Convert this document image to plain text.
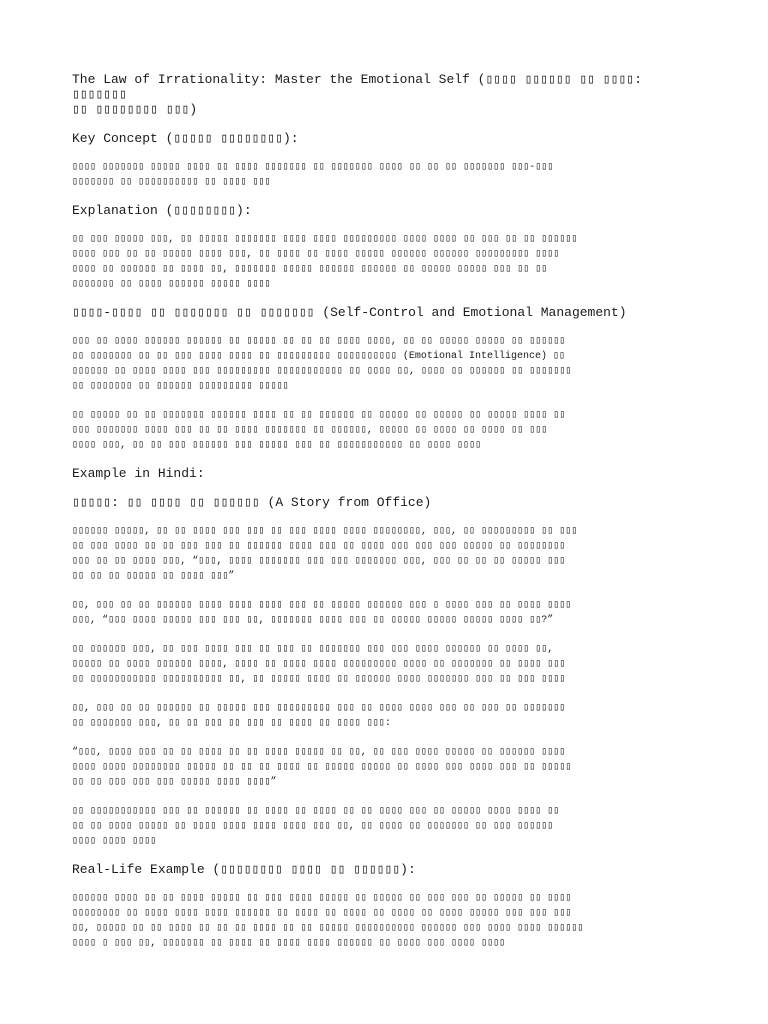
The Law of Irrationality: Master the Emotional Self (▯▯▯▯ ▯▯▯▯▯▯ ▯▯ ▯▯▯▯: ▯▯▯▯▯▯▯
▯▯ ▯▯▯▯▯▯▯▯ ▯▯▯)

Key Concept (▯▯▯▯▯ ▯▯▯▯▯▯▯▯):

▯▯▯▯ ▯▯▯▯▯▯▯ ▯▯▯▯▯ ▯▯▯▯ ▯▯ ▯▯▯▯ ▯▯▯▯▯▯▯ ▯▯ ▯▯▯▯▯▯▯ ▯▯▯▯ ▯▯ ▯▯ ▯▯ ▯▯▯▯▯▯▯ ▯▯▯-▯▯▯
▯▯▯▯▯▯▯ ▯▯ ▯▯▯▯▯▯▯▯▯▯ ▯▯ ▯▯▯▯ ▯▯▯

Explanation (▯▯▯▯▯▯▯▯):

▯▯ ▯▯▯ ▯▯▯▯▯ ▯▯▯, ▯▯ ▯▯▯▯▯ ▯▯▯▯▯▯▯ ▯▯▯▯ ▯▯▯▯ ▯▯▯▯▯▯▯▯▯ ▯▯▯▯ ▯▯▯▯ ▯▯ ▯▯▯ ▯▯ ▯▯ ▯▯▯▯▯▯
▯▯▯▯ ▯▯▯ ▯▯ ▯▯ ▯▯▯▯▯ ▯▯▯▯ ▯▯▯, ▯▯ ▯▯▯▯ ▯▯ ▯▯▯▯ ▯▯▯▯▯ ▯▯▯▯▯▯ ▯▯▯▯▯▯ ▯▯▯▯▯▯▯▯▯ ▯▯▯▯
▯▯▯▯ ▯▯ ▯▯▯▯▯▯ ▯▯ ▯▯▯▯ ▯▯, ▯▯▯▯▯▯▯ ▯▯▯▯▯ ▯▯▯▯▯▯ ▯▯▯▯▯▯ ▯▯ ▯▯▯▯▯ ▯▯▯▯▯ ▯▯▯ ▯▯ ▯▯
▯▯▯▯▯▯▯ ▯▯ ▯▯▯▯ ▯▯▯▯▯▯ ▯▯▯▯▯ ▯▯▯▯

▯▯▯▯-▯▯▯▯ ▯▯ ▯▯▯▯▯▯▯ ▯▯ ▯▯▯▯▯▯▯ (Self-Control and Emotional Management)

▯▯▯ ▯▯ ▯▯▯▯ ▯▯▯▯▯▯ ▯▯▯▯▯▯ ▯▯ ▯▯▯▯▯ ▯▯ ▯▯ ▯▯ ▯▯▯▯ ▯▯▯▯, ▯▯ ▯▯ ▯▯▯▯▯ ▯▯▯▯▯ ▯▯ ▯▯▯▯▯▯
▯▯ ▯▯▯▯▯▯▯ ▯▯ ▯▯ ▯▯▯ ▯▯▯▯ ▯▯▯▯ ▯▯ ▯▯▯▯▯▯▯▯▯ ▯▯▯▯▯▯▯▯▯▯ (Emotional Intelligence) ▯▯
▯▯▯▯▯▯ ▯▯ ▯▯▯▯ ▯▯▯▯ ▯▯▯ ▯▯▯▯▯▯▯▯▯ ▯▯▯▯▯▯▯▯▯▯▯ ▯▯ ▯▯▯▯ ▯▯, ▯▯▯▯ ▯▯ ▯▯▯▯▯▯ ▯▯ ▯▯▯▯▯▯▯
▯▯ ▯▯▯▯▯▯▯ ▯▯ ▯▯▯▯▯▯ ▯▯▯▯▯▯▯▯▯ ▯▯▯▯▯

▯▯ ▯▯▯▯▯ ▯▯ ▯▯ ▯▯▯▯▯▯▯ ▯▯▯▯▯▯ ▯▯▯▯ ▯▯ ▯▯ ▯▯▯▯▯▯ ▯▯ ▯▯▯▯▯ ▯▯ ▯▯▯▯▯ ▯▯ ▯▯▯▯▯ ▯▯▯▯ ▯▯
▯▯▯ ▯▯▯▯▯▯▯ ▯▯▯▯ ▯▯▯ ▯▯ ▯▯ ▯▯▯▯ ▯▯▯▯▯▯▯ ▯▯ ▯▯▯▯▯▯, ▯▯▯▯▯ ▯▯ ▯▯▯▯ ▯▯ ▯▯▯▯ ▯▯ ▯▯▯
▯▯▯▯ ▯▯▯, ▯▯ ▯▯ ▯▯▯ ▯▯▯▯▯▯ ▯▯▯ ▯▯▯▯▯ ▯▯▯ ▯▯ ▯▯▯▯▯▯▯▯▯▯▯ ▯▯ ▯▯▯▯ ▯▯▯▯

Example in Hindi:

▯▯▯▯▯: ▯▯ ▯▯▯▯ ▯▯ ▯▯▯▯▯▯ (A Story from Office)

▯▯▯▯▯▯ ▯▯▯▯▯, ▯▯ ▯▯ ▯▯▯▯ ▯▯▯ ▯▯▯ ▯▯ ▯▯▯ ▯▯▯▯ ▯▯▯▯ ▯▯▯▯▯▯▯▯, ▯▯▯, ▯▯ ▯▯▯▯▯▯▯▯▯ ▯▯ ▯▯▯
▯▯ ▯▯▯ ▯▯▯▯ ▯▯ ▯▯ ▯▯▯ ▯▯▯ ▯▯ ▯▯▯▯▯▯ ▯▯▯▯ ▯▯▯ ▯▯ ▯▯▯▯ ▯▯▯ ▯▯▯ ▯▯▯ ▯▯▯▯▯ ▯▯ ▯▯▯▯▯▯▯▯
▯▯▯ ▯▯ ▯▯ ▯▯▯▯ ▯▯▯, “▯▯▯, ▯▯▯▯ ▯▯▯▯▯▯▯ ▯▯▯ ▯▯▯ ▯▯▯▯▯▯▯ ▯▯▯, ▯▯▯ ▯▯ ▯▯ ▯▯ ▯▯▯▯▯ ▯▯▯
▯▯ ▯▯ ▯▯ ▯▯▯▯▯ ▯▯ ▯▯▯▯ ▯▯▯”

▯▯, ▯▯▯ ▯▯ ▯▯ ▯▯▯▯▯▯ ▯▯▯▯ ▯▯▯▯ ▯▯▯▯ ▯▯▯ ▯▯ ▯▯▯▯▯ ▯▯▯▯▯▯ ▯▯▯ ▯ ▯▯▯▯ ▯▯▯ ▯▯ ▯▯▯▯ ▯▯▯▯
▯▯▯, “▯▯▯ ▯▯▯▯ ▯▯▯▯▯ ▯▯▯ ▯▯▯ ▯▯, ▯▯▯▯▯▯▯ ▯▯▯▯ ▯▯▯ ▯▯ ▯▯▯▯▯ ▯▯▯▯▯ ▯▯▯▯▯ ▯▯▯▯ ▯▯?”

▯▯ ▯▯▯▯▯▯ ▯▯▯, ▯▯ ▯▯▯ ▯▯▯▯ ▯▯▯ ▯▯ ▯▯▯ ▯▯ ▯▯▯▯▯▯▯ ▯▯▯ ▯▯▯ ▯▯▯▯ ▯▯▯▯▯▯ ▯▯ ▯▯▯▯ ▯▯,
▯▯▯▯▯ ▯▯ ▯▯▯▯ ▯▯▯▯▯▯ ▯▯▯▯, ▯▯▯▯ ▯▯ ▯▯▯▯ ▯▯▯▯ ▯▯▯▯▯▯▯▯▯ ▯▯▯▯ ▯▯ ▯▯▯▯▯▯▯ ▯▯ ▯▯▯▯ ▯▯▯
▯▯ ▯▯▯▯▯▯▯▯▯▯▯ ▯▯▯▯▯▯▯▯▯▯ ▯▯, ▯▯ ▯▯▯▯▯ ▯▯▯▯ ▯▯ ▯▯▯▯▯▯ ▯▯▯▯ ▯▯▯▯▯▯▯ ▯▯▯ ▯▯ ▯▯▯ ▯▯▯▯

▯▯, ▯▯▯ ▯▯ ▯▯ ▯▯▯▯▯▯ ▯▯ ▯▯▯▯▯ ▯▯▯ ▯▯▯▯▯▯▯▯▯ ▯▯▯ ▯▯ ▯▯▯▯ ▯▯▯▯ ▯▯▯ ▯▯ ▯▯▯ ▯▯ ▯▯▯▯▯▯▯
▯▯ ▯▯▯▯▯▯▯ ▯▯▯, ▯▯ ▯▯ ▯▯▯ ▯▯ ▯▯▯ ▯▯ ▯▯▯▯ ▯▯ ▯▯▯▯ ▯▯▯:

“▯▯▯, ▯▯▯▯ ▯▯▯ ▯▯ ▯▯ ▯▯▯▯ ▯▯ ▯▯ ▯▯▯▯ ▯▯▯▯▯ ▯▯ ▯▯, ▯▯ ▯▯▯ ▯▯▯▯ ▯▯▯▯▯ ▯▯ ▯▯▯▯▯▯ ▯▯▯▯
▯▯▯▯ ▯▯▯▯ ▯▯▯▯▯▯▯▯ ▯▯▯▯▯ ▯▯ ▯▯ ▯▯ ▯▯▯▯ ▯▯ ▯▯▯▯▯ ▯▯▯▯▯ ▯▯ ▯▯▯▯ ▯▯▯ ▯▯▯▯ ▯▯▯ ▯▯ ▯▯▯▯▯
▯▯ ▯▯ ▯▯▯ ▯▯▯ ▯▯▯ ▯▯▯▯▯ ▯▯▯▯ ▯▯▯▯”

▯▯ ▯▯▯▯▯▯▯▯▯▯▯ ▯▯▯ ▯▯ ▯▯▯▯▯▯ ▯▯ ▯▯▯▯ ▯▯ ▯▯▯▯ ▯▯ ▯▯ ▯▯▯▯ ▯▯▯ ▯▯ ▯▯▯▯▯ ▯▯▯▯ ▯▯▯▯ ▯▯
▯▯ ▯▯ ▯▯▯▯ ▯▯▯▯▯ ▯▯ ▯▯▯▯ ▯▯▯▯ ▯▯▯▯ ▯▯▯▯ ▯▯▯ ▯▯, ▯▯ ▯▯▯▯ ▯▯ ▯▯▯▯▯▯▯ ▯▯ ▯▯▯ ▯▯▯▯▯▯
▯▯▯▯ ▯▯▯▯ ▯▯▯▯

Real-Life Example (▯▯▯▯▯▯▯▯ ▯▯▯▯ ▯▯ ▯▯▯▯▯▯):

▯▯▯▯▯▯ ▯▯▯▯ ▯▯ ▯▯ ▯▯▯▯ ▯▯▯▯▯ ▯▯ ▯▯▯ ▯▯▯▯ ▯▯▯▯▯ ▯▯ ▯▯▯▯▯ ▯▯ ▯▯▯ ▯▯▯ ▯▯ ▯▯▯▯▯ ▯▯ ▯▯▯▯
▯▯▯▯▯▯▯▯ ▯▯ ▯▯▯▯ ▯▯▯▯ ▯▯▯▯ ▯▯▯▯▯▯ ▯▯ ▯▯▯▯ ▯▯ ▯▯▯▯ ▯▯ ▯▯▯▯ ▯▯ ▯▯▯▯ ▯▯▯▯▯ ▯▯▯ ▯▯▯ ▯▯▯
▯▯, ▯▯▯▯▯ ▯▯ ▯▯ ▯▯▯▯ ▯▯ ▯▯ ▯▯ ▯▯▯▯ ▯▯ ▯▯ ▯▯▯▯▯ ▯▯▯▯▯▯▯▯▯▯ ▯▯▯▯▯▯ ▯▯▯ ▯▯▯▯ ▯▯▯▯ ▯▯▯▯▯▯
▯▯▯▯ ▯ ▯▯▯ ▯▯, ▯▯▯▯▯▯▯ ▯▯ ▯▯▯▯ ▯▯ ▯▯▯▯ ▯▯▯▯ ▯▯▯▯▯▯ ▯▯ ▯▯▯▯ ▯▯▯ ▯▯▯▯ ▯▯▯▯
